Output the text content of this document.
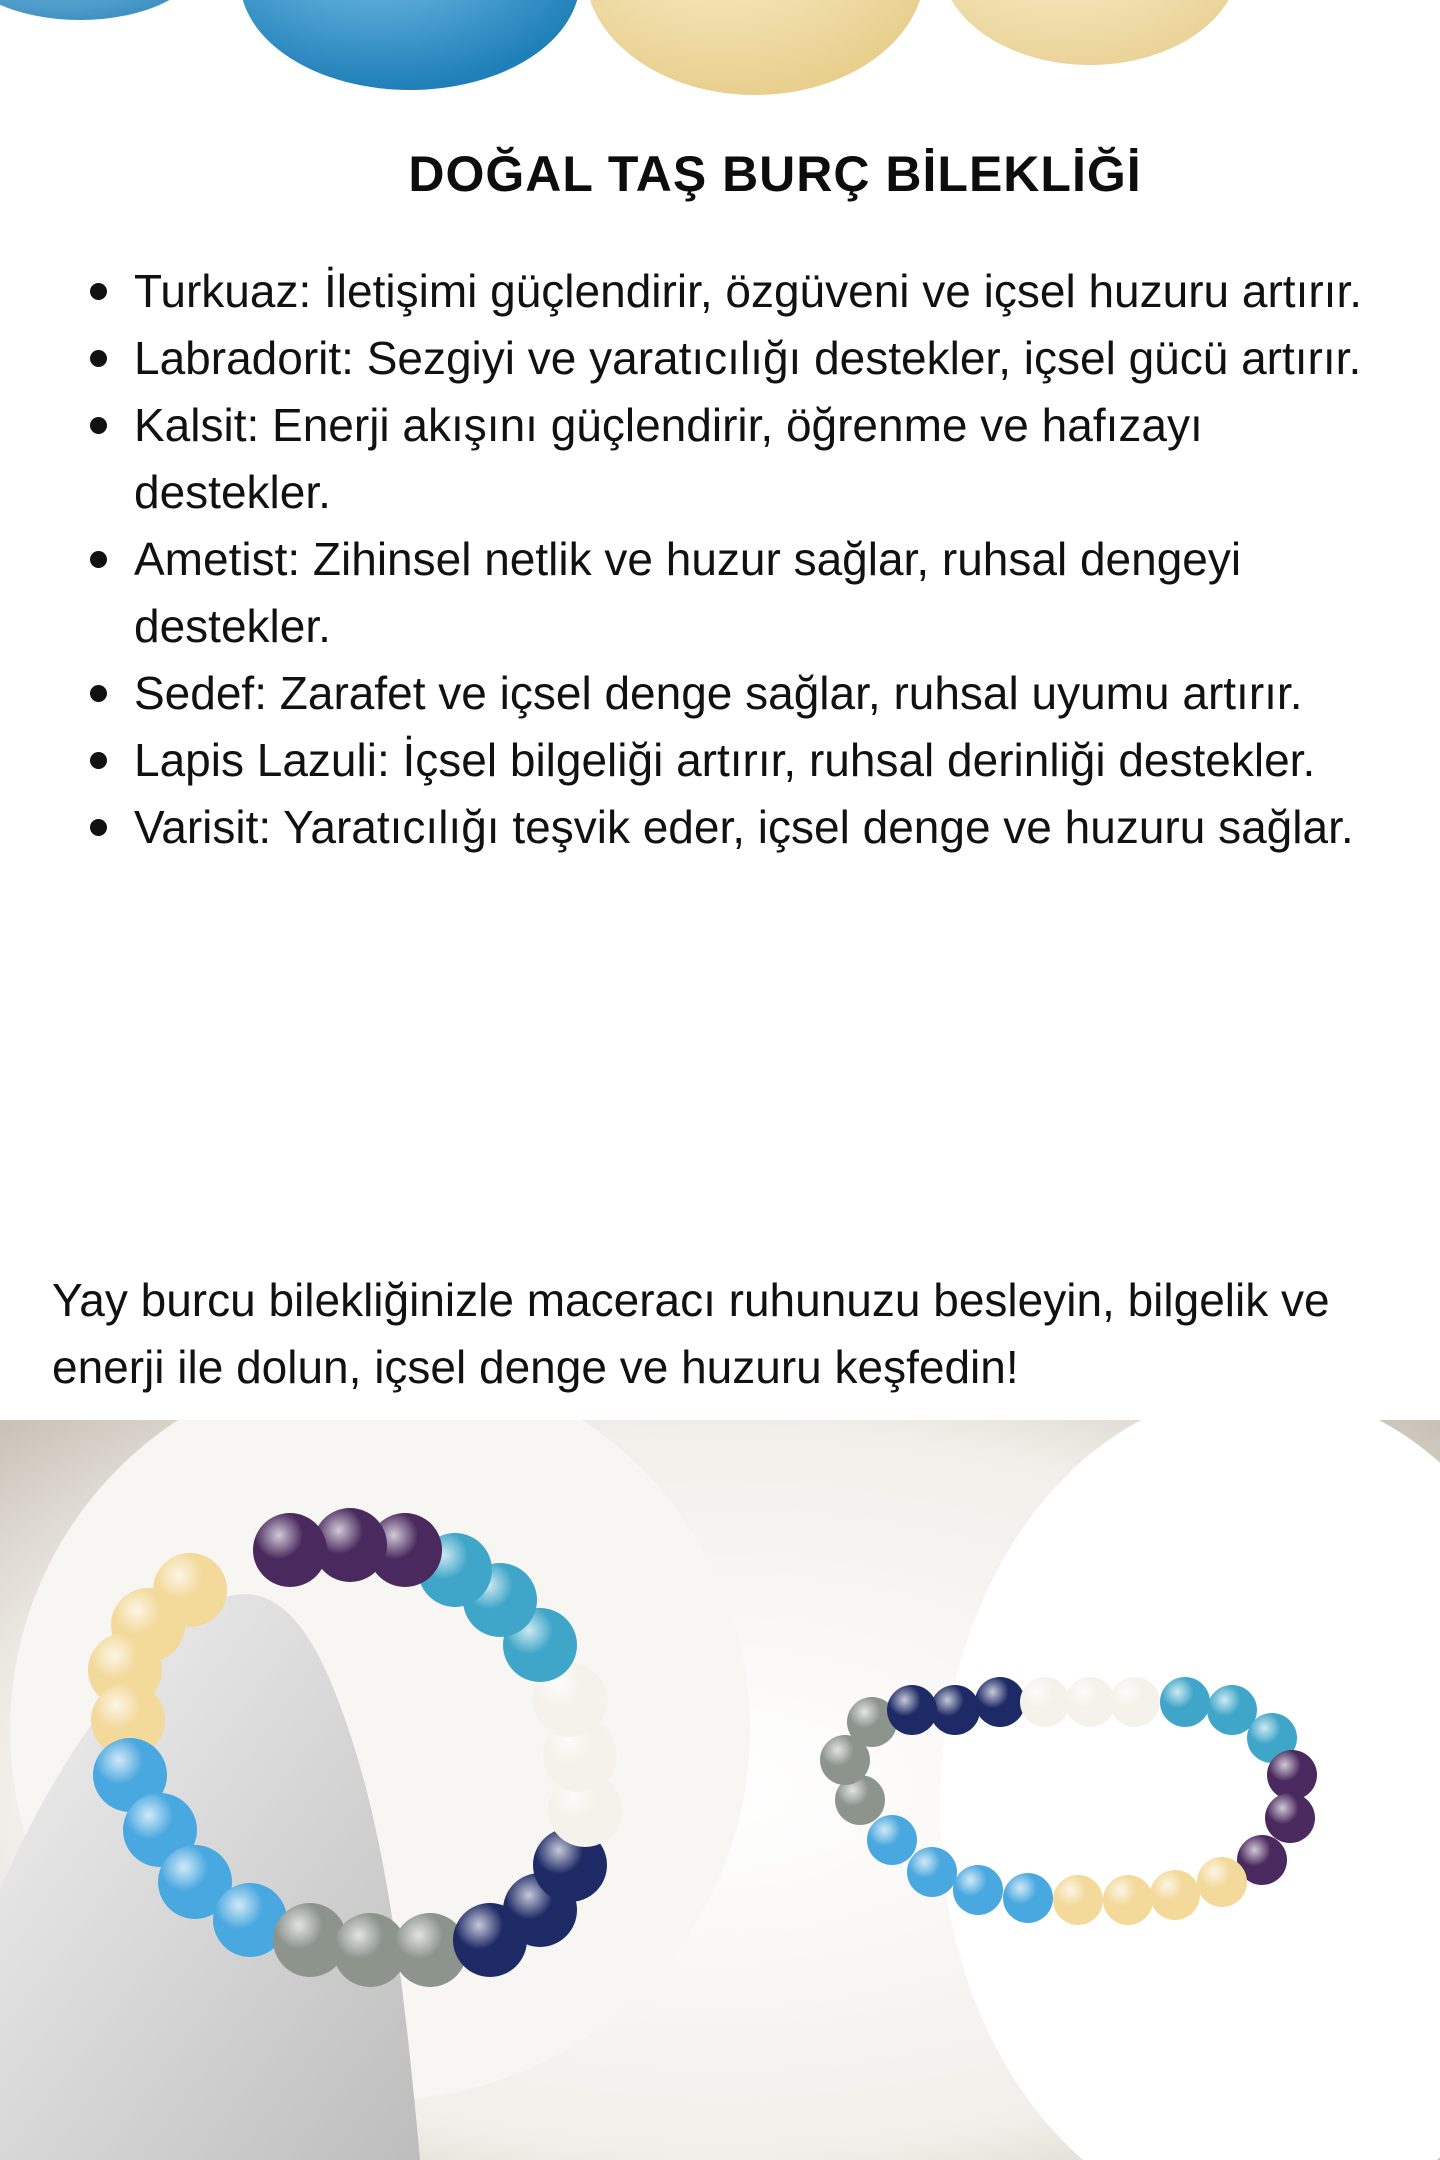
DOĞAL TAŞ BURÇ BİLEKLİĞİ
Turkuaz: İletişimi güçlendirir, özgüveni ve içsel huzuru artırır.
Labradorit: Sezgiyi ve yaratıcılığı destekler, içsel gücü artırır.
Kalsit: Enerji akışını güçlendirir, öğrenme ve hafızayı destekler.
Ametist: Zihinsel netlik ve huzur sağlar, ruhsal dengeyi destekler.
Sedef: Zarafet ve içsel denge sağlar, ruhsal uyumu artırır.
Lapis Lazuli: İçsel bilgeliği artırır, ruhsal derinliği destekler.
Varisit: Yaratıcılığı teşvik eder, içsel denge ve huzuru sağlar.

Yay burcu bilekliğinizle maceracı ruhunuzu besleyin, bilgelik ve enerji ile dolun, içsel denge ve huzuru keşfedin!
